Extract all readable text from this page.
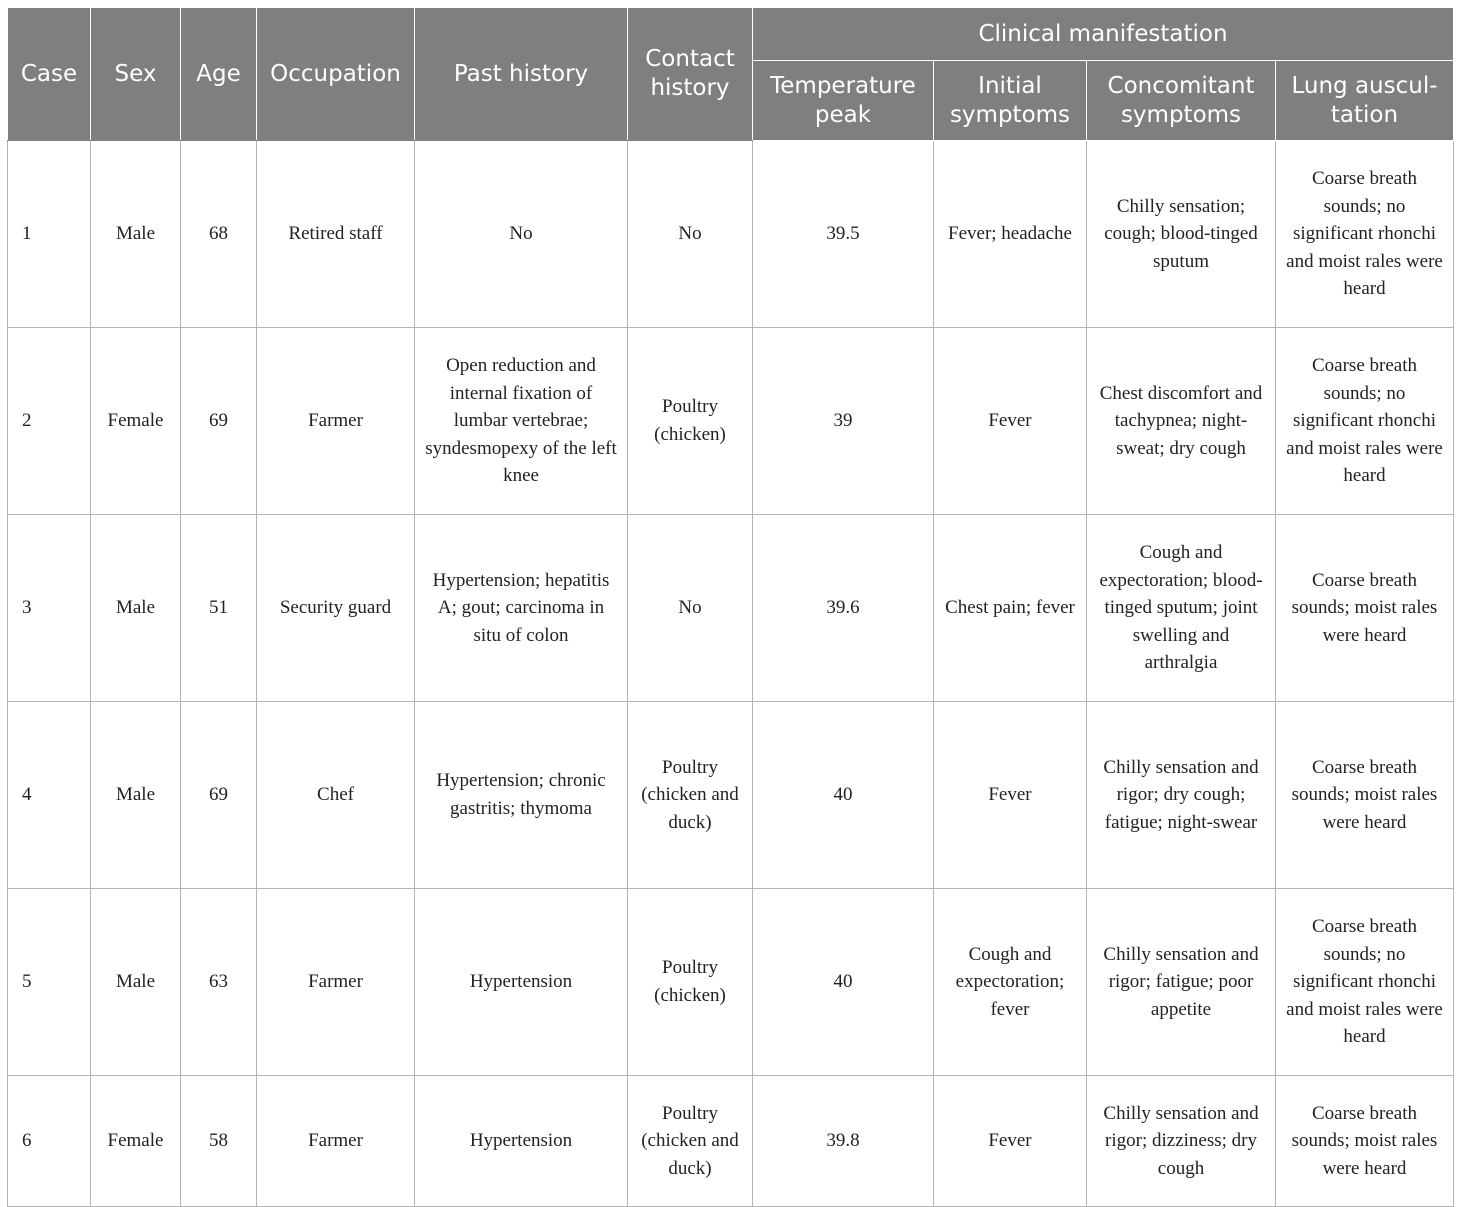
Case	Sex	Age	Occupation	Past history	Contact history	Clinical manifestation			
						Temperature peak	Initial symptoms	Concomitant symptoms	Lung auscul-tation
1	Male	68	Retired staff	No	No	39.5	Fever; headache	Chilly sensation; cough; blood-tinged sputum	Coarse breath sounds; no significant rhonchi and moist rales were heard
2	Female	69	Farmer	Open reduction and internal fixation of lumbar vertebrae; syndesmopexy of the left knee	Poultry (chicken)	39	Fever	Chest discomfort and tachypnea; night-sweat; dry cough	Coarse breath sounds; no significant rhonchi and moist rales were heard
3	Male	51	Security guard	Hypertension; hepatitis A; gout; carcinoma in situ of colon	No	39.6	Chest pain; fever	Cough and expectoration; blood-tinged sputum; joint swelling and arthralgia	Coarse breath sounds; moist rales were heard
4	Male	69	Chef	Hypertension; chronic gastritis; thymoma	Poultry (chicken and duck)	40	Fever	Chilly sensation and rigor; dry cough; fatigue; night-swear	Coarse breath sounds; moist rales were heard
5	Male	63	Farmer	Hypertension	Poultry (chicken)	40	Cough and expectoration; fever	Chilly sensation and rigor; fatigue; poor appetite	Coarse breath sounds; no significant rhonchi and moist rales were heard
6	Female	58	Farmer	Hypertension	Poultry (chicken and duck)	39.8	Fever	Chilly sensation and rigor; dizziness; dry cough	Coarse breath sounds; moist rales were heard
